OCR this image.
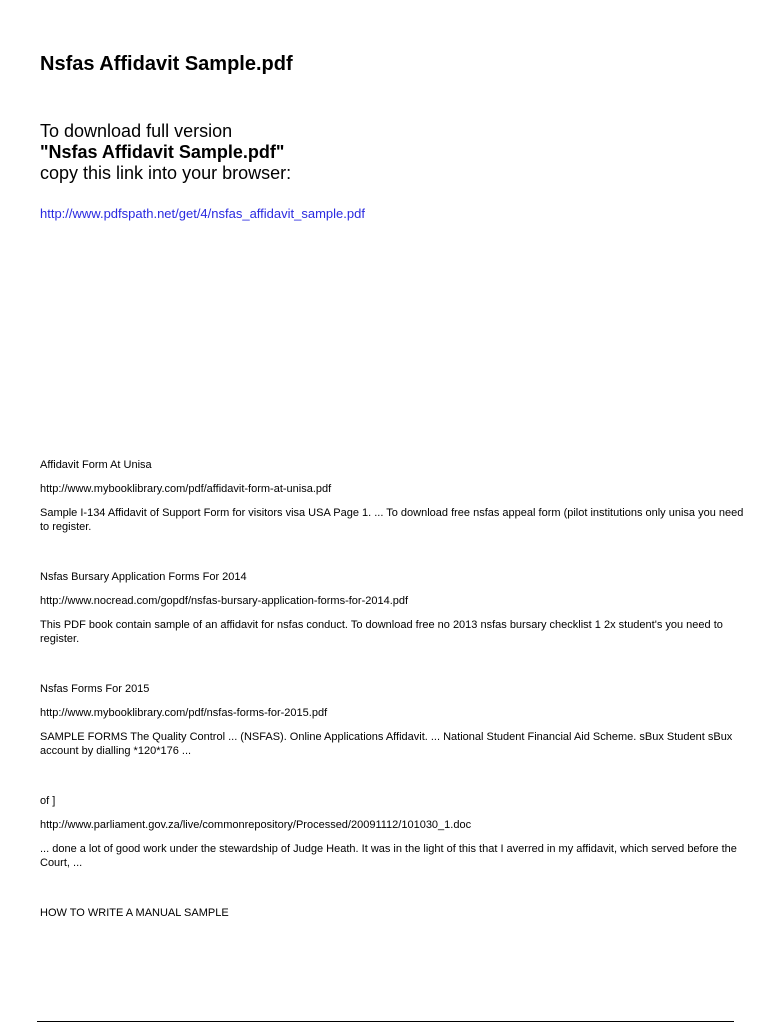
Nsfas Affidavit Sample.pdf
To download full version
"Nsfas Affidavit Sample.pdf"
copy this link into your browser:
http://www.pdfspath.net/get/4/nsfas_affidavit_sample.pdf
Affidavit Form At Unisa
http://www.mybooklibrary.com/pdf/affidavit-form-at-unisa.pdf
Sample I-134 Affidavit of Support Form for visitors visa USA Page 1. ... To download free nsfas appeal form (pilot institutions only unisa you need to register.
Nsfas Bursary Application Forms For 2014
http://www.nocread.com/gopdf/nsfas-bursary-application-forms-for-2014.pdf
This PDF book contain sample of an affidavit for nsfas conduct. To download free no 2013 nsfas bursary checklist 1 2x student's you need to register.
Nsfas Forms For 2015
http://www.mybooklibrary.com/pdf/nsfas-forms-for-2015.pdf
SAMPLE FORMS The Quality Control ... (NSFAS). Online Applications Affidavit. ... National Student Financial Aid Scheme. sBux Student sBux account by dialling *120*176 ...
of ]
http://www.parliament.gov.za/live/commonrepository/Processed/20091112/101030_1.doc
... done a lot of good work under the stewardship of Judge Heath. It was in the light of this that I averred in my affidavit, which served before the Court, ...
HOW TO WRITE A MANUAL SAMPLE
